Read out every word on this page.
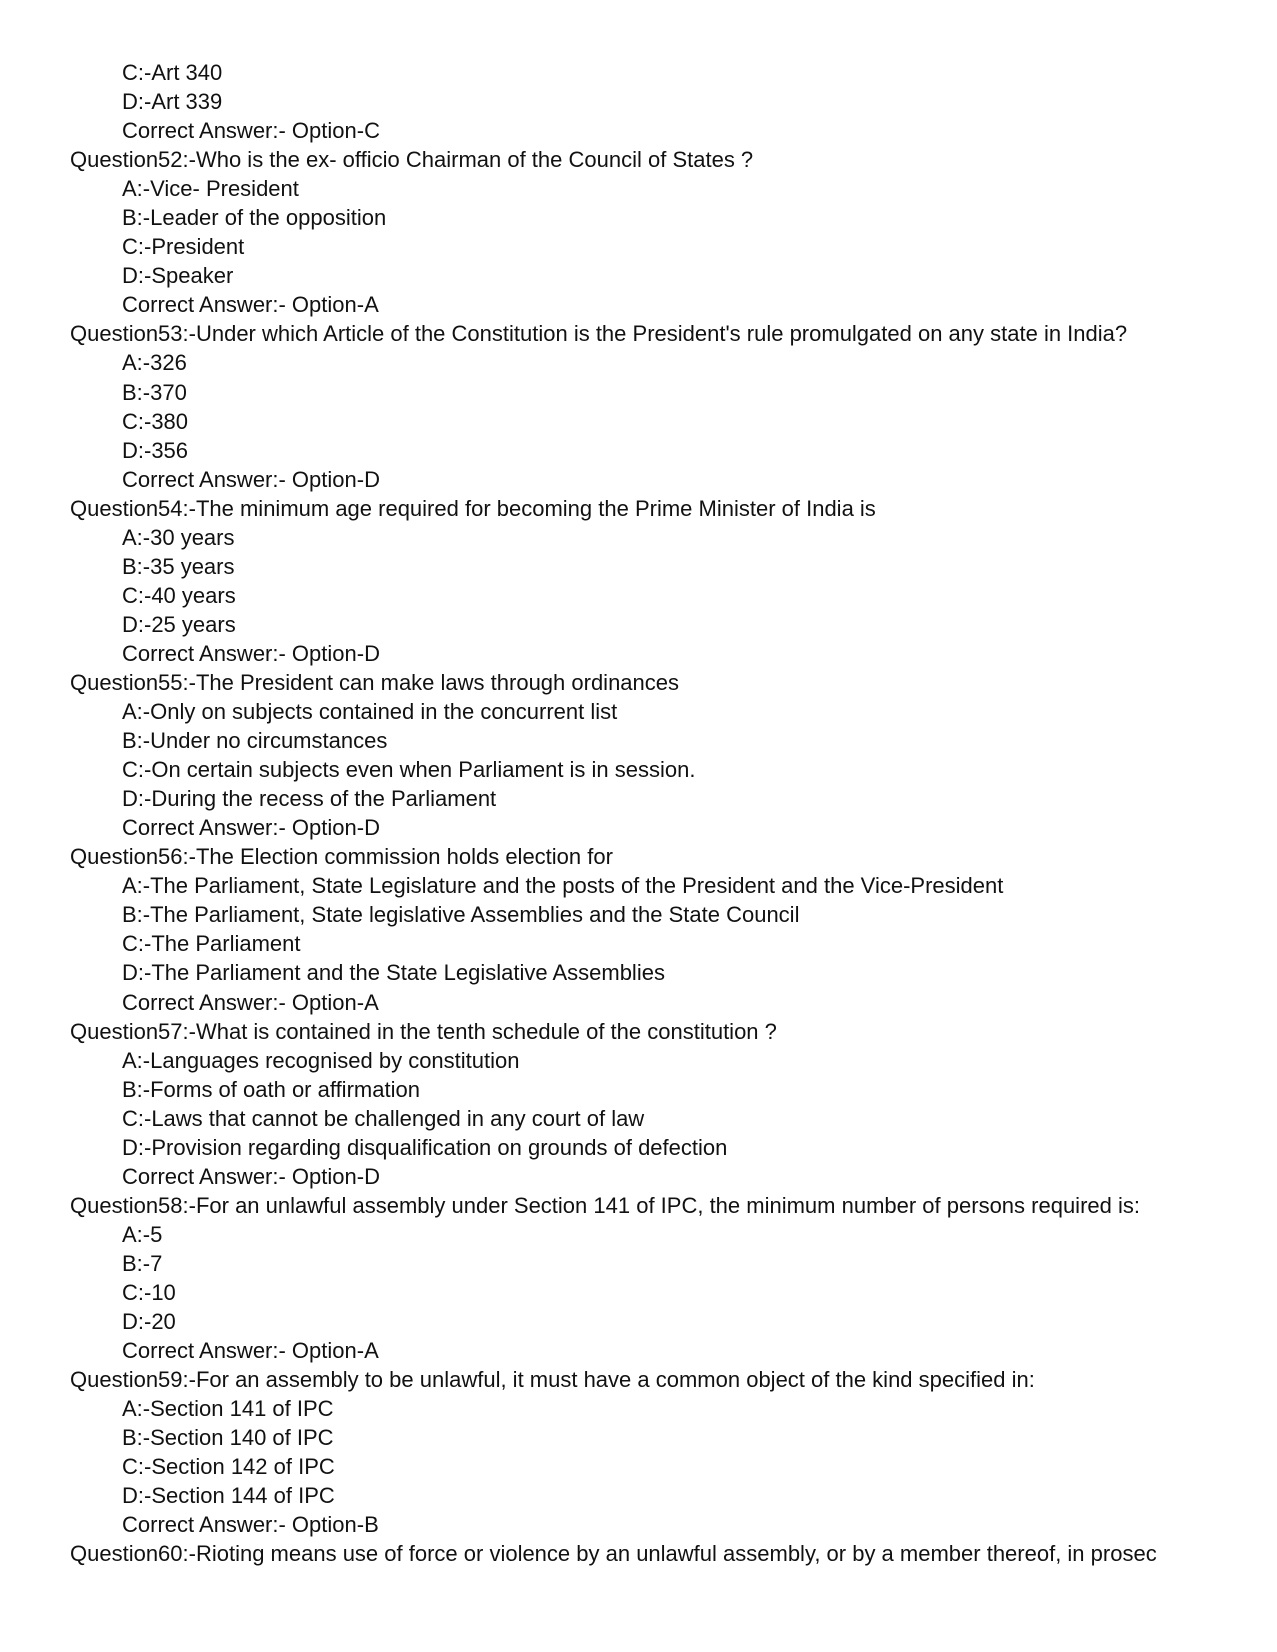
C:-Art 340
D:-Art 339
Correct Answer:- Option-C
Question52:-Who is the ex- officio Chairman of the Council of States ?
A:-Vice- President
B:-Leader of the opposition
C:-President
D:-Speaker
Correct Answer:- Option-A
Question53:-Under which Article of the Constitution is the President's rule promulgated on any state in India?
A:-326
B:-370
C:-380
D:-356
Correct Answer:- Option-D
Question54:-The minimum age required for becoming the Prime Minister of India is
A:-30 years
B:-35 years
C:-40 years
D:-25 years
Correct Answer:- Option-D
Question55:-The President can make laws through ordinances
A:-Only on subjects contained in the concurrent list
B:-Under no circumstances
C:-On certain subjects even when Parliament is in session.
D:-During the recess of the Parliament
Correct Answer:- Option-D
Question56:-The Election commission holds election for
A:-The Parliament, State Legislature and the posts of the President and the Vice-President
B:-The Parliament, State legislative Assemblies and the State Council
C:-The Parliament
D:-The Parliament and the State Legislative Assemblies
Correct Answer:- Option-A
Question57:-What is contained in the tenth schedule of the constitution ?
A:-Languages recognised by constitution
B:-Forms of oath or affirmation
C:-Laws that cannot be challenged in any court of law
D:-Provision regarding disqualification on grounds of defection
Correct Answer:- Option-D
Question58:-For an unlawful assembly under Section 141 of IPC, the minimum number of persons required is:
A:-5
B:-7
C:-10
D:-20
Correct Answer:- Option-A
Question59:-For an assembly to be unlawful, it must have a common object of the kind specified in:
A:-Section 141 of IPC
B:-Section 140 of IPC
C:-Section 142 of IPC
D:-Section 144 of IPC
Correct Answer:- Option-B
Question60:-Rioting means use of force or violence by an unlawful assembly, or by a member thereof, in prosec
